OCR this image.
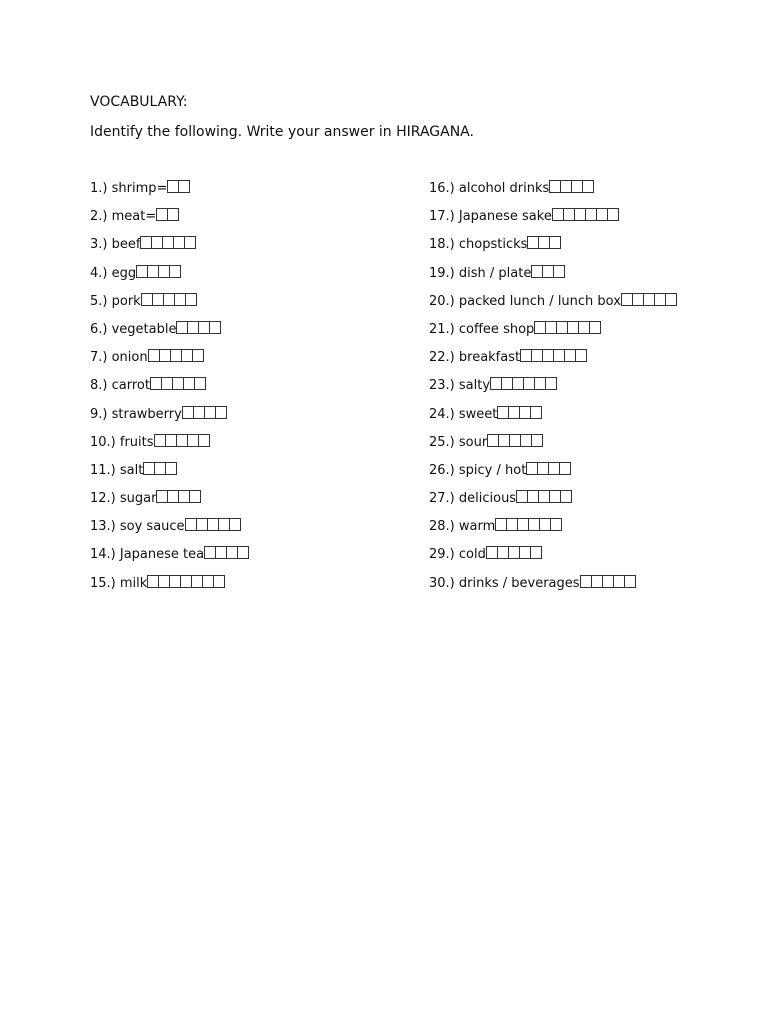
VOCABULARY:

Identify the following. Write your answer in HIRAGANA.

1.) shrimp=
2.) meat=
3.) beef
4.) egg
5.) pork
6.) vegetable
7.) onion
8.) carrot
9.) strawberry
10.) fruits
11.) salt
12.) sugar
13.) soy sauce
14.) Japanese tea
15.) milk
16.) alcohol drinks
17.) Japanese sake
18.) chopsticks
19.) dish / plate
20.) packed lunch / lunch box
21.) coffee shop
22.) breakfast
23.) salty
24.) sweet
25.) sour
26.) spicy / hot
27.) delicious
28.) warm
29.) cold
30.) drinks / beverages
